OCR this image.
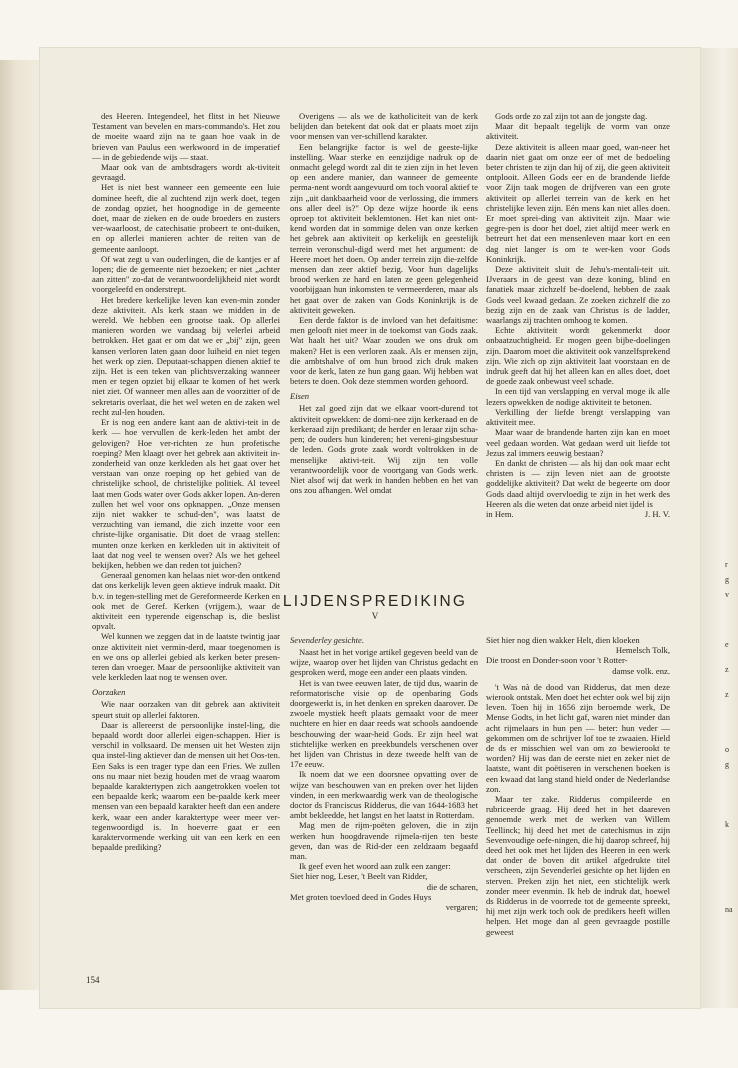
des Heeren. Integendeel, het flitst in het Nieuwe Testament van bevelen en mars-commando's. Het zou de moeite waard zijn na te gaan hoe vaak in de brieven van Paulus een werkwoord in de imperatief — in de gebiedende wijs — staat.

Maar ook van de ambtsdragers wordt ak-tiviteit gevraagd.

Het is niet best wanneer een gemeente een luie dominee heeft, die al zuchtend zijn werk doet, tegen de zondag opziet, het hoognodige in de gemeente doet, maar de zieken en de oude broeders en zusters ver-waarloost, de catechisatie probeert te ont-duiken, en op allerlei manieren achter de reiten van de gemeente aanloopt.

Of wat zegt u van ouderlingen, die de kantjes er af lopen; die de gemeente niet bezoeken; er niet „achter aan zitten" zo-dat de verantwoordelijkheid niet wordt voorgeleefd en onderstrept.

Het bredere kerkelijke leven kan even-min zonder deze aktiviteit. Als kerk staan we midden in de wereld. We hebben een grootse taak. Op allerlei manieren worden we vandaag bij velerlei arbeid betrokken. Het gaat er om dat we er „bij" zijn, geen kansen verloren laten gaan door luiheid en niet tegen het werk op zien. Deputaat-schappen dienen aktief te zijn. Het is een teken van plichtsverzaking wanneer men er tegen opziet bij elkaar te komen of het werk niet ziet. Of wanneer men alles aan de voorzitter of de sekretaris overlaat, die het wel weten en de zaken wel recht zul-len houden.

Er is nog een andere kant aan de aktivi-teit in de kerk — hoe vervullen de kerk-leden het ambt der gelovigen? Hoe ver-richten ze hun profetische roeping? Men klaagt over het gebrek aan aktiviteit in-zonderheid van onze kerkleden als het gaat over het verstaan van onze roeping op het gebied van de christelijke school, de christelijke politiek. Al teveel laat men Gods water over Gods akker lopen. An-deren zullen het wel voor ons opknappen. „Onze mensen zijn niet wakker te schud-den", was laatst de verzuchting van iemand, die zich inzette voor een christe-lijke organisatie. Dit doet de vraag stellen: munten onze kerken en kerkleden uit in aktiviteit of laat dat nog veel te wensen over? Als we het geheel bekijken, hebben we dan reden tot juichen?

Generaal genomen kan helaas niet wor-den ontkend dat ons kerkelijk leven geen aktieve indruk maakt. Dit b.v. in tegen-stelling met de Gereformeerde Kerken en ook met de Geref. Kerken (vrijgem.), waar de aktiviteit een typerende eigenschap is, die beslist opvalt.

Wel kunnen we zeggen dat in de laatste twintig jaar onze aktiviteit niet vermin-derd, maar toegenomen is en we ons op allerlei gebied als kerken beter presen-teren dan vroeger. Maar de persoonlijke aktiviteit van vele kerkleden laat nog te wensen over.

Oorzaken

Wie naar oorzaken van dit gebrek aan aktiviteit speurt stuit op allerlei faktoren.

Daar is allereerst de persoonlijke instel-ling, die bepaald wordt door allerlei eigen-schappen. Hier is verschil in volksaard. De mensen uit het Westen zijn qua instel-ling aktiever dan de mensen uit het Oos-ten. Een Saks is een trager type dan een Fries. We zullen ons nu maar niet bezig houden met de vraag waarom bepaalde karaktertypen zich aangetrokken voelen tot een bepaalde kerk; waarom een be-paalde kerk meer mensen van een bepaald karakter heeft dan een andere kerk, waar een ander karaktertype weer meer ver-tegenwoordigd is. In hoeverre gaat er een karaktervormende werking uit van een kerk en een bepaalde prediking?

Overigens — als we de katholiciteit van de kerk belijden dan betekent dat ook dat er plaats moet zijn voor mensen van ver-schillend karakter.

Een belangrijke factor is wel de geeste-lijke instelling. Waar sterke en eenzijdige nadruk op de onmacht gelegd wordt zal dit te zien zijn in het leven op een andere manier, dan wanneer de gemeente perma-nent wordt aangevuurd om toch vooral aktief te zijn „uit dankbaarheid voor de verlossing, die immers ons aller deel is?" Op deze wijze hoorde ik eens oproep tot aktiviteit beklemtonen. Het kan niet ont-kend worden dat in sommige delen van onze kerken het gebrek aan aktiviteit op kerkelijk en geestelijk terrein veronschul-digd werd met het argument: de Heere moet het doen. Op ander terrein zijn die-zelfde mensen dan zeer aktief bezig. Voor hun dagelijks brood werken ze hard en laten ze geen gelegenheid voorbijgaan hun inkomsten te vermeerderen, maar als het gaat over de zaken van Gods Koninkrijk is de aktiviteit geweken.

Een derde faktor is de invloed van het defaitisme: men gelooft niet meer in de toekomst van Gods zaak. Wat haalt het uit? Waar zouden we ons druk om maken? Het is een verloren zaak. Als er mensen zijn, die ambtshalve of om hun brood zich druk maken voor de kerk, laten ze hun gang gaan. Wij hebben wat beters te doen. Ook deze stemmen worden gehoord.

Eisen

Het zal goed zijn dat we elkaar voort-durend tot aktiviteit opwekken: de domi-nee zijn kerkeraad en de kerkeraad zijn predikant; de herder en leraar zijn scha-pen; de ouders hun kinderen; het vereni-gingsbestuur de leden. Gods grote zaak wordt voltrokken in de menselijke aktivi-teit. Wij zijn ten volle verantwoordelijk voor de voortgang van Gods werk. Niet alsof wij dat werk in handen hebben en het van ons zou afhangen. Wel omdat

Gods orde zo zal zijn tot aan de jongste dag.

Maar dit bepaalt tegelijk de vorm van onze aktiviteit.

Deze aktiviteit is alleen maar goed, wan-neer het daarin niet gaat om onze eer of met de bedoeling beter christen te zijn dan hij of zij, die geen aktiviteit ontplooit. Alleen Gods eer en de brandende liefde voor Zijn taak mogen de drijfveren van een grote aktiviteit op allerlei terrein van de kerk en het christelijke leven zijn. Eén mens kan niet alles doen. Er moet sprei-ding van aktiviteit zijn. Maar wie gegre-pen is door het doel, ziet altijd meer werk en betreurt het dat een mensenleven maar kort en een dag niet langer is om te wer-ken voor Gods Koninkrijk.

Deze aktiviteit sluit de Jehu's-mentali-teit uit. IJveraars in de geest van deze koning, blind en fanatiek maar zichzelf be-doelend, hebben de zaak Gods veel kwaad gedaan. Ze zoeken zichzelf die zo bezig zijn en de zaak van Christus is de ladder, waarlangs zij trachten omhoog te komen.

Echte aktiviteit wordt gekenmerkt door onbaatzuchtigheid. Er mogen geen bijbe-doelingen zijn. Daarom moet die aktiviteit ook vanzelfsprekend zijn. Wie zich op zijn aktiviteit laat voorstaan en de indruk geeft dat hij het alleen kan en alles doet, doet de goede zaak onbewust veel schade.

In een tijd van verslapping en verval moge ik alle lezers opwekken de nodige aktiviteit te betonen.

Verkilling der liefde brengt verslapping van aktiviteit mee.

Maar waar de brandende harten zijn kan en moet veel gedaan worden. Wat gedaan werd uit liefde tot Jezus zal immers eeuwig bestaan?

En dankt de christen — als hij dan ook maar echt christen is — zijn leven niet aan de grootste goddelijke aktiviteit? Dat wekt de begeerte om door Gods daad altijd overvloedig te zijn in het werk des Heeren als die weten dat onze arbeid niet ijdel is

in Hem.	J. H. V.

LIJDENSPREDIKING
V
Sevenderley gesichte.

Naast het in het vorige artikel gegeven beeld van de wijze, waarop over het lijden van Christus gedacht en gesproken werd, moge een ander een plaats vinden.

Het is van twee eeuwen later, de tijd dus, waarin de reformatorische visie op de openbaring Gods doorgewerkt is, in het denken en spreken daarover. De zwoele mystiek heeft plaats gemaakt voor de meer nuchtere en hier en daar reeds wat schools aandoende beschouwing der waar-heid Gods. Er zijn heel wat stichtelijke werken en preekbundels verschenen over het lijden van Christus in deze tweede helft van de 17e eeuw.

Ik noem dat we een doorsnee opvatting over de wijze van beschouwen van en preken over het lijden vinden, in een merkwaardig werk van de theologische doctor ds Franciscus Ridderus, die van 1644-1683 het ambt bekleedde, het langst en het laatst in Rotterdam.

Mag men de rijm-poëten geloven, die in zijn werken hun hoogdravende rijmela-rijen ten beste geven, dan was de Rid-der een zeldzaam begaafd man.

Ik geef even het woord aan zulk een zanger:

Siet hier nog, Leser, 't Beelt van Ridder,

die de scharen,

Met groten toevloed deed in Godes Huys

vergaren;

Siet hier nog dien wakker Helt, dien kloeken

Hemelsch Tolk,

Die troost en Donder-soon voor 't Rotter-

damse volk. enz.

't Was nà de dood van Ridderus, dat men deze wierook ontstak. Men doet het echter ook wel bij zijn leven. Toen hij in 1656 zijn beroemde werk, De Mense Godts, in het licht gaf, waren niet minder dan acht rijmelaars in hun pen — beter: hun veder — gekommen om de schrijver lof toe te zwaaien. Hield de ds er misschien wel van om zo bewierookt te worden? Hij was dan de eerste niet en zeker niet de laatste, want dit poëtiseren in verschenen boeken is een kwaad dat lang stand hield onder de Nederlandse zon.

Maar ter zake. Ridderus compileerde en rubriceerde graag. Hij deed het in het daareven genoemde werk met de werken van Willem Teellinck; hij deed het met de catechismus in zijn Sevenvoudige oefe-ningen, die hij daarop schreef, hij deed het ook met het lijden des Heeren in een werk dat onder de boven dit artikel afgedrukte titel verscheen, zijn Sevenderlei gesichte op het lijden en sterven. Preken zijn het niet, een stichtelijk werk zonder meer evenmin. Ik heb de indruk dat, hoewel ds Ridderus in de voorrede tot de gemeente spreekt, hij met zijn werk toch ook de predikers heeft willen helpen. Het moge dan al geen gevraagde postille geweest

154
r
g
v
e
z
z
o
g
k
na
